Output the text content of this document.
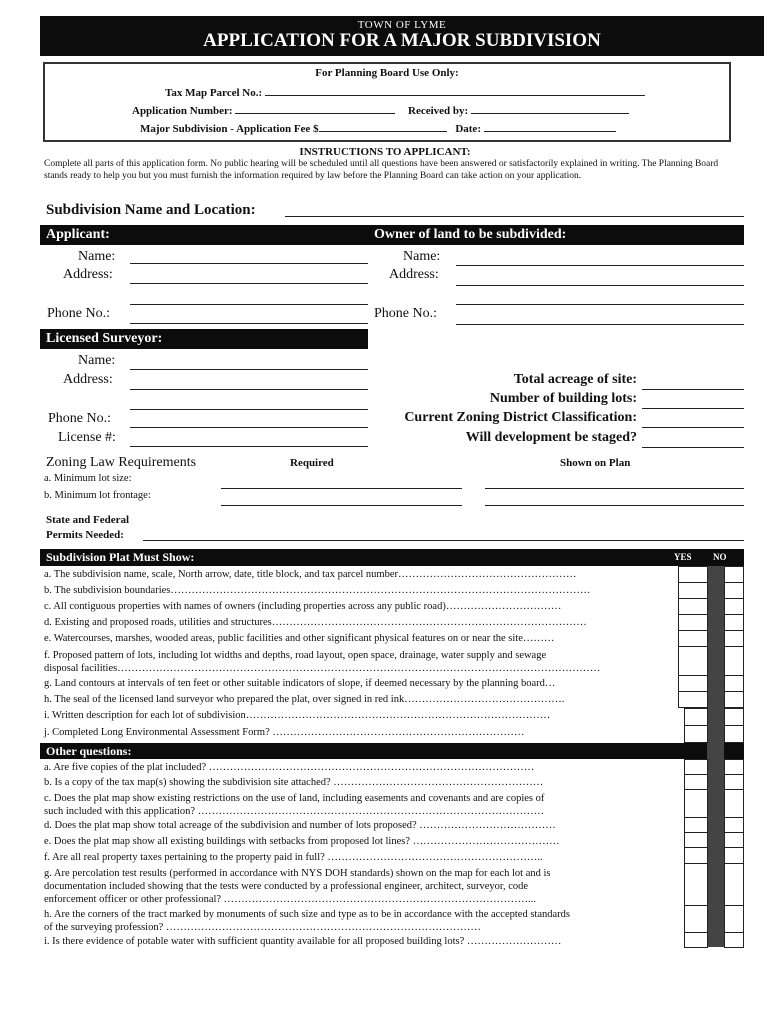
TOWN OF LYME
APPLICATION FOR A MAJOR SUBDIVISION
For Planning Board Use Only:
Tax Map Parcel No.:
Application Number:	Received by:
Major Subdivision - Application Fee $	Date:
INSTRUCTIONS TO APPLICANT:
Complete all parts of this application form. No public hearing will be scheduled until all questions have been answered or satisfactorily explained in writing. The Planning Board stands ready to help you but you must furnish the information required by law before the Planning Board can take action on your application.
Subdivision Name and Location:
Applicant:	Owner of land to be subdivided:
Name:
Address:
Phone No.:
Name:
Address:
Phone No.:
Licensed Surveyor:
Name:
Address:
Phone No.:
License #:
Total acreage of site:
Number of building lots:
Current Zoning District Classification:
Will development be staged?
Zoning Law Requirements	Required	Shown on Plan
a. Minimum lot size:
b. Minimum lot frontage:
State and Federal
Permits Needed:
Subdivision Plat Must Show:	YES NO
a. The subdivision name, scale, North arrow, date, title block, and tax parcel number……………………………………………
b. The subdivision boundaries…………………………………………………………………………………………………………
c. All contiguous properties with names of owners (including properties across any public road)……………………………
d. Existing and proposed roads, utilities and structures………………………………………………………………………………
e. Watercourses, marshes, wooded areas, public facilities and other significant physical features on or near the site………
f. Proposed pattern of lots, including lot widths and depths, road layout, open space, drainage, water supply and sewage
disposal facilities…………………………………………………………………………………………………………………………
g. Land contours at intervals of ten feet or other suitable indicators of slope, if deemed necessary by the planning board…
h. The seal of the licensed land surveyor who prepared the plat, over signed in red ink……………………………………….
i. Written description for each lot of subdivision……………………………………………………………………………
j. Completed Long Environmental Assessment Form? ………………………………………………………………
Other questions:
a. Are five copies of the plat included? …………………………………………………………………………………
b. Is a copy of the tax map(s) showing the subdivision site attached? ……………………………………………………
c. Does the plat map show existing restrictions on the use of land, including easements and covenants and are copies of
such included with this application? ………………………………………………………………………………………
d. Does the plat map show total acreage of the subdivision and number of lots proposed? …………………………………
e. Does the plat map show all existing buildings with setbacks from proposed lot lines? ……………………………………
f. Are all real property taxes pertaining to the property paid in full? ……………………………………………………..
g. Are percolation test results (performed in accordance with NYS DOH standards) shown on the map for each lot and is
documentation included showing that the tests were conducted by a professional engineer, architect, surveyor, code
enforcement officer or other professional? ……………………………………………………………………………...
h. Are the corners of the tract marked by monuments of such size and type as to be in accordance with the accepted standards
of the surveying profession? ………………………………………………………………………………
i. Is there evidence of potable water with sufficient quantity available for all proposed building lots? ………………………
